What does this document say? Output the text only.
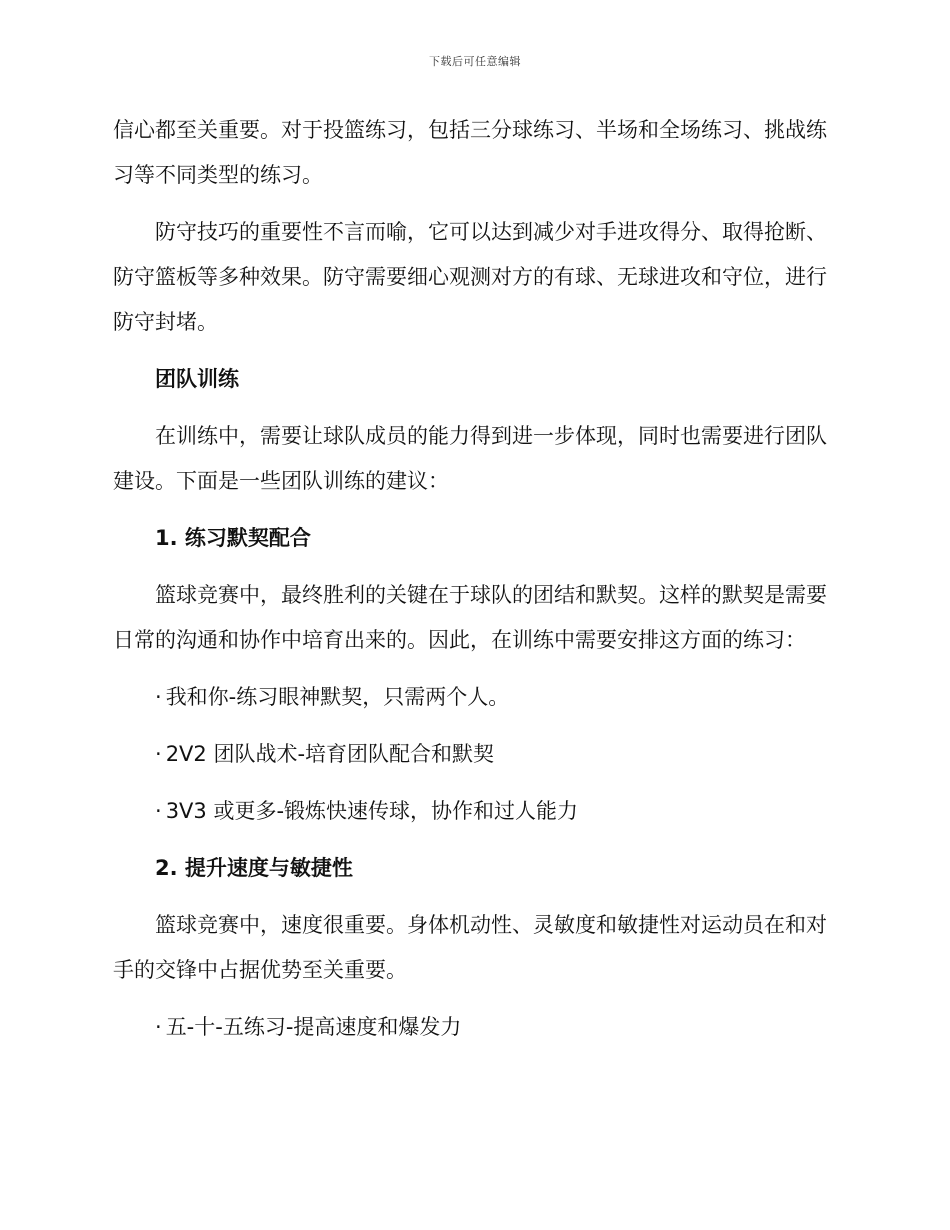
下载后可任意编辑

信心都至关重要。对于投篮练习，包括三分球练习、半场和全场练习、挑战练习等不同类型的练习。

防守技巧的重要性不言而喻，它可以达到减少对手进攻得分、取得抢断、防守篮板等多种效果。防守需要细心观测对方的有球、无球进攻和守位，进行防守封堵。

团队训练

在训练中，需要让球队成员的能力得到进一步体现，同时也需要进行团队建设。下面是一些团队训练的建议：

1. 练习默契配合

篮球竞赛中，最终胜利的关键在于球队的团结和默契。这样的默契是需要日常的沟通和协作中培育出来的。因此，在训练中需要安排这方面的练习：

· 我和你-练习眼神默契，只需两个人。

· 2V2 团队战术-培育团队配合和默契

· 3V3 或更多-锻炼快速传球，协作和过人能力

2. 提升速度与敏捷性

篮球竞赛中，速度很重要。身体机动性、灵敏度和敏捷性对运动员在和对手的交锋中占据优势至关重要。

· 五-十-五练习-提高速度和爆发力
